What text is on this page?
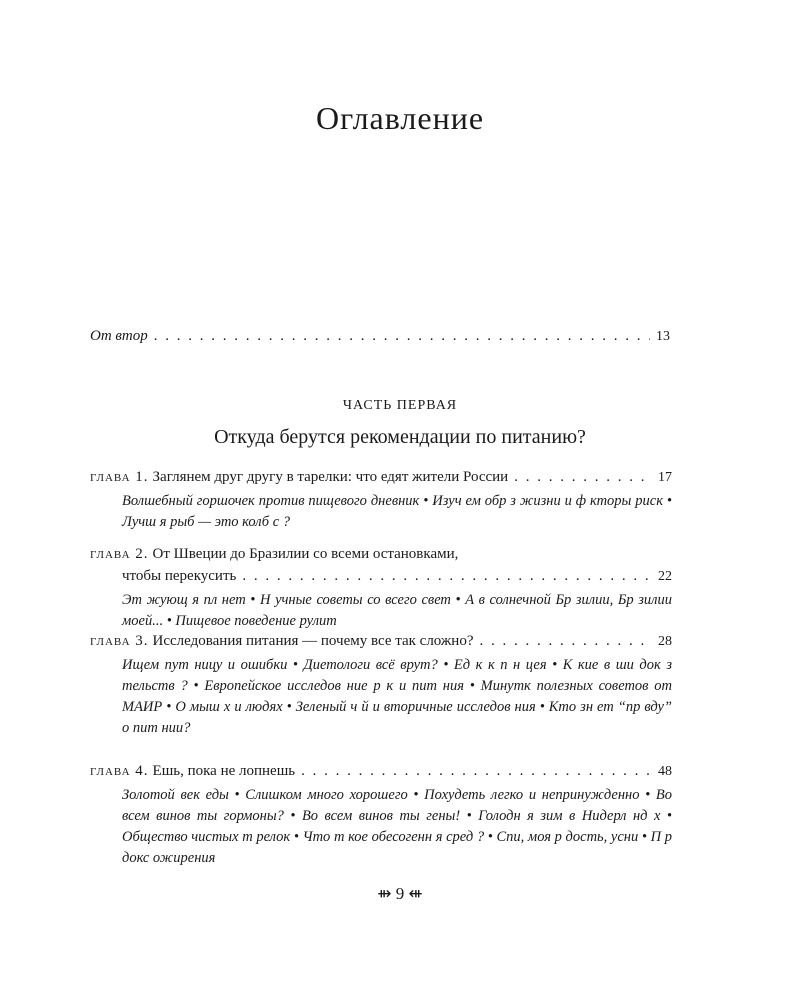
Оглавление
От втор . . .	13
ЧАСТЬ ПЕРВАЯ
Откуда берутся рекомендации по питанию?
глава 1. Заглянем друг другу в тарелки: что едят жители России . . .	17
Волшебный горшочек против пищевого дневник • Изуч ем обр з жизни и ф кторы риск • Лучш я рыб — это колб с ?
глава 2. От Швеции до Бразилии со всеми остановками,
чтобы перекусить . . .	22
Эт жующ я пл нет • Н учные советы со всего свет • А в солнечной Бр зилии, Бр зилии моей... • Пищевое поведение рулит
глава 3. Исследования питания — почему все так сложно? . . .	28
Ищем пут ницу и ошибки • Диетологи всё врут? • Ед к к п н цея • К кие в ши док з тельств ? • Европейское исследов ние р к и пит ния • Минутк полезных советов от МАИР • О мыш х и людях • Зеленый ч й и вторичные исследов ния • Кто зн ет “пр вду” о пит нии?
глава 4. Ешь, пока не лопнешь . . .	48
Золотой век еды • Слишком много хорошего • Похудеть легко и непринужденно • Во всем винов ты гормоны? • Во всем винов ты гены! • Голодн я зим в Нидерл нд х • Общество чистых т релок • Что т кое обесогенн я сред ? • Спи, моя р дость, усни • П р докс ожирения
⇻ 9 ⇺
